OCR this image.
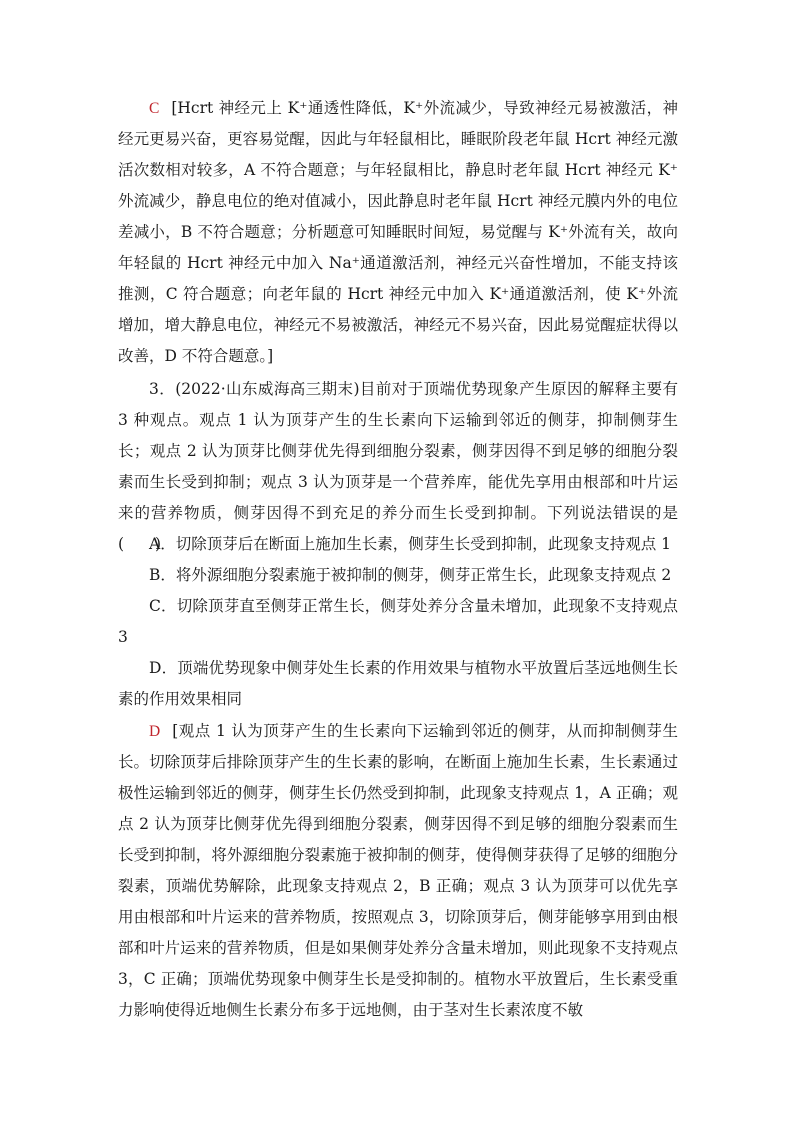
C [Hcrt 神经元上 K⁺通透性降低，K⁺外流减少，导致神经元易被激活，神经元更易兴奋，更容易觉醒，因此与年轻鼠相比，睡眠阶段老年鼠 Hcrt 神经元激活次数相对较多，A 不符合题意；与年轻鼠相比，静息时老年鼠 Hcrt 神经元 K⁺外流减少，静息电位的绝对值减小，因此静息时老年鼠 Hcrt 神经元膜内外的电位差减小，B 不符合题意；分析题意可知睡眠时间短，易觉醒与 K⁺外流有关，故向年轻鼠的 Hcrt 神经元中加入 Na⁺通道激活剂，神经元兴奋性增加，不能支持该推测，C 符合题意；向老年鼠的 Hcrt 神经元中加入 K⁺通道激活剂，使 K⁺外流增加，增大静息电位，神经元不易被激活，神经元不易兴奋，因此易觉醒症状得以改善，D 不符合题意。]

3．(2022·山东威海高三期末)目前对于顶端优势现象产生原因的解释主要有 3 种观点。观点 1 认为顶芽产生的生长素向下运输到邻近的侧芽，抑制侧芽生长；观点 2 认为顶芽比侧芽优先得到细胞分裂素，侧芽因得不到足够的细胞分裂素而生长受到抑制；观点 3 认为顶芽是一个营养库，能优先享用由根部和叶片运来的营养物质，侧芽因得不到充足的养分而生长受到抑制。下列说法错误的是(　　)

A．切除顶芽后在断面上施加生长素，侧芽生长受到抑制，此现象支持观点 1

B．将外源细胞分裂素施于被抑制的侧芽，侧芽正常生长，此现象支持观点 2

C．切除顶芽直至侧芽正常生长，侧芽处养分含量未增加，此现象不支持观点 3

D．顶端优势现象中侧芽处生长素的作用效果与植物水平放置后茎远地侧生长素的作用效果相同

D [观点 1 认为顶芽产生的生长素向下运输到邻近的侧芽，从而抑制侧芽生长。切除顶芽后排除顶芽产生的生长素的影响，在断面上施加生长素，生长素通过极性运输到邻近的侧芽，侧芽生长仍然受到抑制，此现象支持观点 1，A 正确；观点 2 认为顶芽比侧芽优先得到细胞分裂素，侧芽因得不到足够的细胞分裂素而生长受到抑制，将外源细胞分裂素施于被抑制的侧芽，使得侧芽获得了足够的细胞分裂素，顶端优势解除，此现象支持观点 2，B 正确；观点 3 认为顶芽可以优先享用由根部和叶片运来的营养物质，按照观点 3，切除顶芽后，侧芽能够享用到由根部和叶片运来的营养物质，但是如果侧芽处养分含量未增加，则此现象不支持观点 3，C 正确；顶端优势现象中侧芽生长是受抑制的。植物水平放置后，生长素受重力影响使得近地侧生长素分布多于远地侧，由于茎对生长素浓度不敏
